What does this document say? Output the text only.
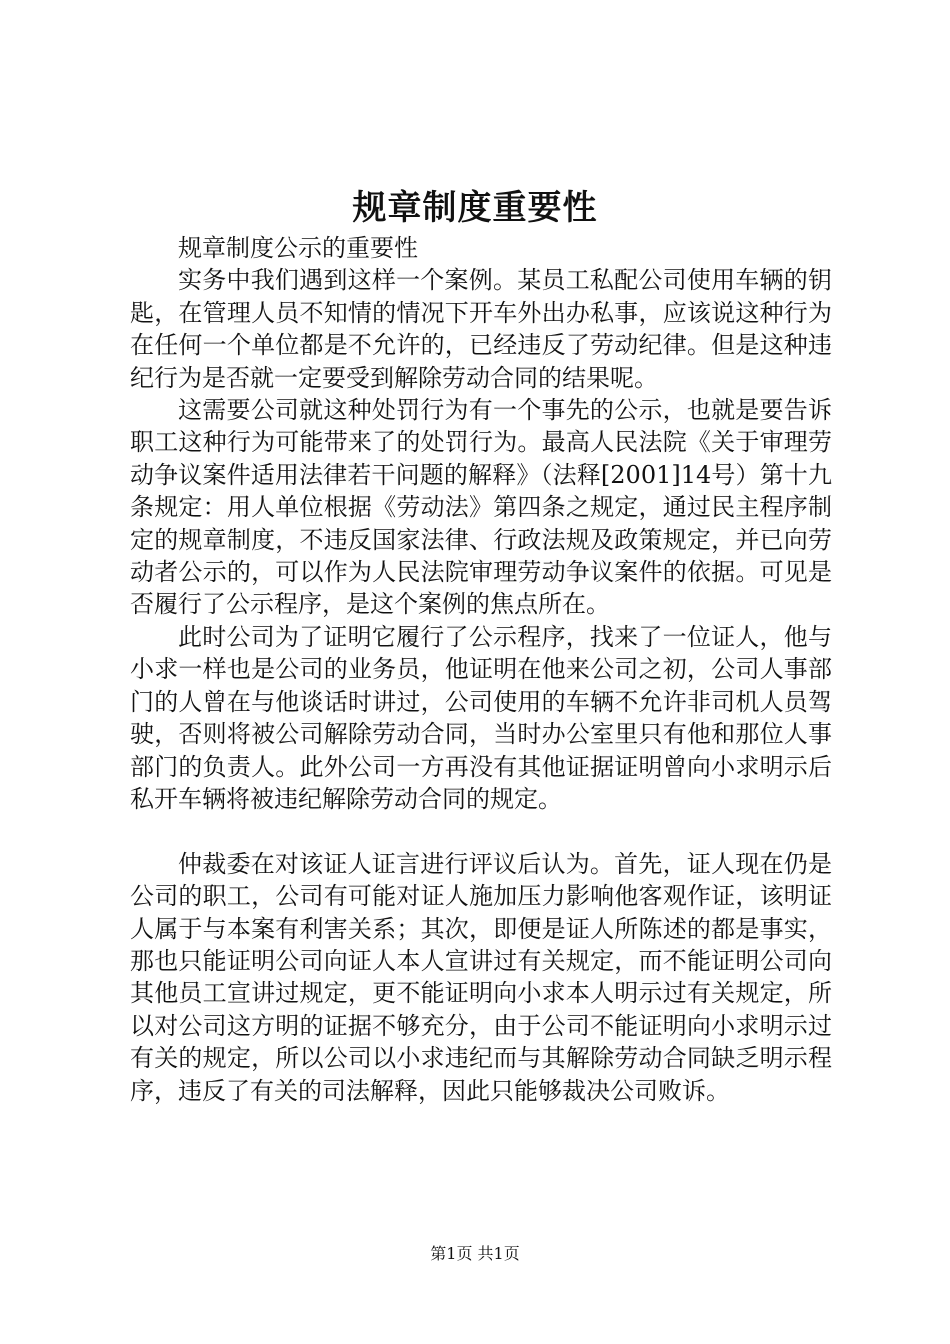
规章制度重要性

规章制度公示的重要性

实务中我们遇到这样一个案例。某员工私配公司使用车辆的钥匙，在管理人员不知情的情况下开车外出办私事，应该说这种行为在任何一个单位都是不允许的，已经违反了劳动纪律。但是这种违纪行为是否就一定要受到解除劳动合同的结果呢。

这需要公司就这种处罚行为有一个事先的公示，也就是要告诉职工这种行为可能带来了的处罚行为。最高人民法院《关于审理劳动争议案件适用法律若干问题的解释》（法释[2001]14号）第十九条规定：用人单位根据《劳动法》第四条之规定，通过民主程序制定的规章制度，不违反国家法律、行政法规及政策规定，并已向劳动者公示的，可以作为人民法院审理劳动争议案件的依据。可见是否履行了公示程序，是这个案例的焦点所在。

此时公司为了证明它履行了公示程序，找来了一位证人，他与小求一样也是公司的业务员，他证明在他来公司之初，公司人事部门的人曾在与他谈话时讲过，公司使用的车辆不允许非司机人员驾驶，否则将被公司解除劳动合同，当时办公室里只有他和那位人事部门的负责人。此外公司一方再没有其他证据证明曾向小求明示后私开车辆将被违纪解除劳动合同的规定。

仲裁委在对该证人证言进行评议后认为。首先，证人现在仍是公司的职工，公司有可能对证人施加压力影响他客观作证，该明证人属于与本案有利害关系；其次，即便是证人所陈述的都是事实，那也只能证明公司向证人本人宣讲过有关规定，而不能证明公司向其他员工宣讲过规定，更不能证明向小求本人明示过有关规定，所以对公司这方明的证据不够充分，由于公司不能证明向小求明示过有关的规定，所以公司以小求违纪而与其解除劳动合同缺乏明示程序，违反了有关的司法解释，因此只能够裁决公司败诉。

第1页 共1页
